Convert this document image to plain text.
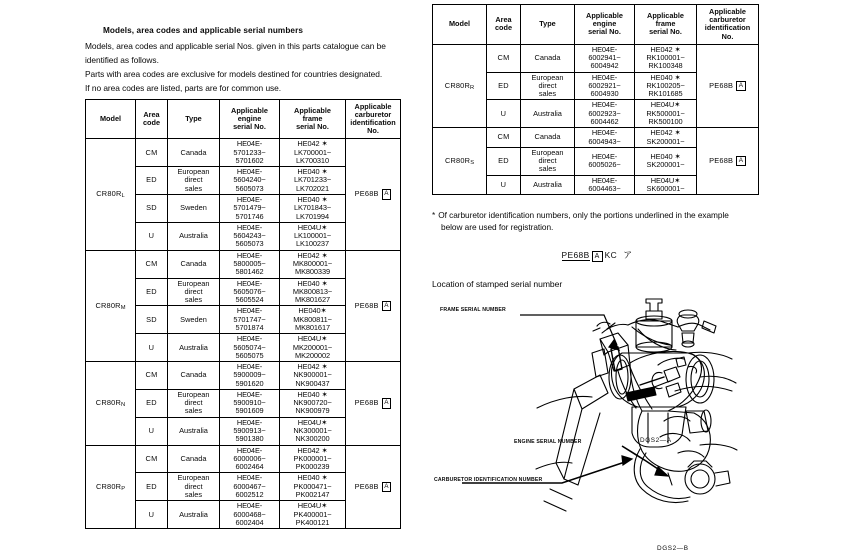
Models, area codes and applicable serial numbers

Models, area codes and applicable serial Nos. given in this parts catalogue can be

identified as follows.

Parts with area codes are exclusive for models destined for countries designated.

If no area codes are listed, parts are for common use.

Model	Area
code	Type	Applicable
engine
serial No.	Applicable
frame
serial No.	Applicable
carburetor
identification No.
CR80RL	CM	Canada	HE04E-
5701233~
5701602	HE042 ✶
LK700001~
LK700310	PE68B A
	ED	European
direct
sales	HE04E-
5604240~
5605073	HE040 ✶
LK701233~
LK702021	
	SD	Sweden	HE04E-
5701479~
5701746	HE040 ✶
LK701843~
LK701994	
	U	Australia	HE04E-
5604243~
5605073	HE04U✶
LK100001~
LK100237	
CR80RM	CM	Canada	HE04E-
5800005~
5801462	HE042 ✶
MK800001~
MK800339	PE68B A
	ED	European
direct
sales	HE04E-
5605076~
5605524	HE040 ✶
MK800813~
MK801627	
	SD	Sweden	HE04E-
5701747~
5701874	HE040✶
MK800811~
MK801617	
	U	Australia	HE04E-
5605074~
5605075	HE04U✶
MK200001~
MK200002	
CR80RN	CM	Canada	HE04E-
5900009~
5901620	HE042 ✶
NK900001~
NK900437	PE68B A
	ED	European
direct
sales	HE04E-
5900910~
5901609	HE040 ✶
NK900720~
NK900979	
	U	Australia	HE04E-
5900913~
5901380	HE04U✶
NK300001~
NK300200	
CR80RP	CM	Canada	HE04E-
6000006~
6002464	HE042 ✶
PK000001~
PK000239	PE68B A
	ED	European
direct
sales	HE04E-
6000467~
6002512	HE040 ✶
PK000471~
PK002147	
	U	Australia	HE04E-
6000468~
6002404	HE04U✶
PK400001~
PK400121	
Model	Area
code	Type	Applicable
engine
serial No.	Applicable
frame
serial No.	Applicable
carburetor
identification No.
CR80RR	CM	Canada	HE04E-
6002941~
6004942	HE042 ✶
RK100001~
RK100348	PE68B A
	ED	European
direct
sales	HE04E-
6002921~
6004930	HE040 ✶
RK100205~
RK101685	
	U	Australia	HE04E-
6002923~
6004462	HE04U✶
RK500001~
RK500100	
CR80RS	CM	Canada	HE04E-
6004943~	HE042 ✶
SK200001~	PE68B A
	ED	European
direct
sales	HE04E-
6005026~	HE040 ✶
SK200001~	
	U	Australia	HE04E-
6004463~	HE04U✶
SK600001~	
* Of carburetor identification numbers, only the portions underlined in the example
below are used for registration.
PE68B A KC ア
Location of stamped serial number
FRAME SERIAL NUMBER
ENGINE SERIAL NUMBER
CARBURETOR IDENTIFICATION NUMBER
DGS2—A
DGS2—B
